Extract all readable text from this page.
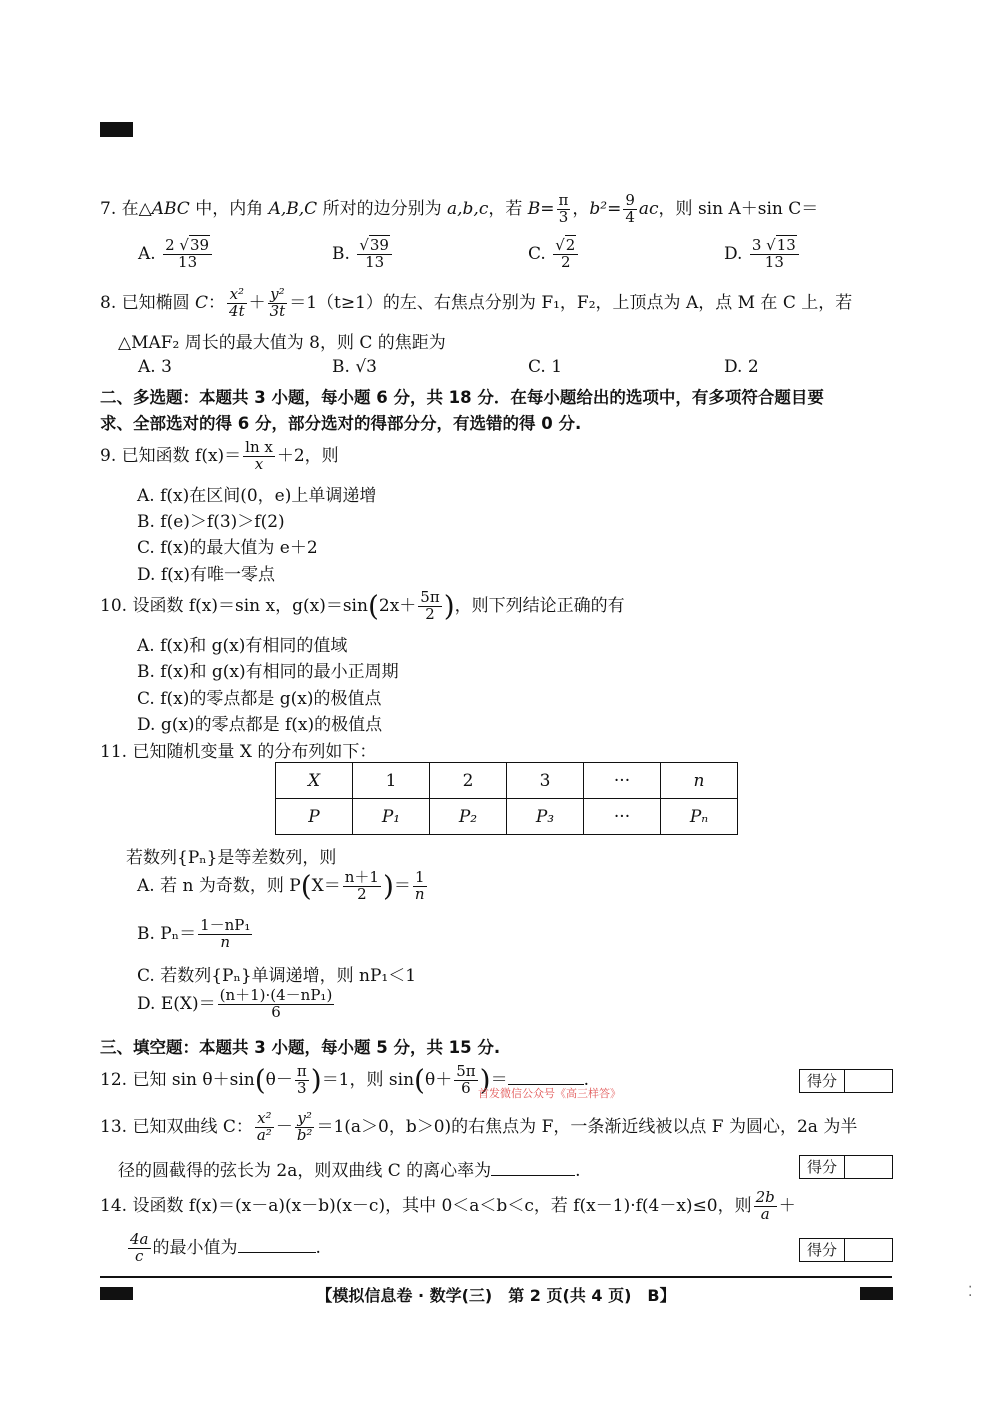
⁚
7. 在△ABC 中，内角 A,B,C 所对的边分别为 a,b,c，若 $B= \frac{\pi}{3}$ ，$b^2= \frac{9}{4}$ ac，则 sin A＋sin C＝
A. $\frac{2 √39}{13}$	B. $\frac{√39}{13}$	C. $\frac{√2}{2}$	D. $\frac{3 √13}{13}$
8. 已知椭圆 C： $\frac{\text{x²}}{4t} + \frac{\text{y²}}{3t} =1(t\ge 1)$的左、右焦点分别为 F₁，F₂，上顶点为 A，点 M 在 C 上，若
△MAF₂ 周长的最大值为 8，则 C 的焦距为
A. 3	B. √3	C. 1	D. 2
二、多选题：本题共 3 小题，每小题 6 分，共 18 分．在每小题给出的选项中，有多项符合题目要
求、全部选对的得 6 分，部分选对的得部分分，有选错的得 0 分.
9. 已知函数 $f(x)= \frac{\text{ln x}}{x} +2$，则
A. f(x)在区间(0，e)上单调递增
B. f(e)＞f(3)＞f(2)
C. f(x)的最大值为 e＋2
D. f(x)有唯一零点
10. 设函数 f(x)＝sin x，$g(x)=\sin(2x+ \frac{5\pi}{2}$ )，则下列结论正确的有
A. f(x)和 g(x)有相同的值域
B. f(x)和 g(x)有相同的最小正周期
C. f(x)的零点都是 g(x)的极值点
D. g(x)的零点都是 f(x)的极值点
11. 已知随机变量 X 的分布列如下：
X	1	2	3	···	n
P	P₁	P₂	P₃	···	Pₙ
若数列{Pₙ}是等差数列，则
A. 若 n 为奇数，则 $P(X= \frac{n+1}{2}$ )＝ $\frac{1}{n}$
B. $P_n= \frac{\text{1－nP₁}}{n}$
C. 若数列{Pₙ}单调递增，则 nP₁＜1
D. $E(X)= \frac{\text{(n＋1)·(4－nP₁)}}{6}$
三、填空题：本题共 3 小题，每小题 5 分，共 15 分.
12. 已知 $\sin \theta+\sin(\theta- \frac{\pi}{3} )=1$，则 $\sin(\theta+ \frac{5\pi}{6}$ )＝	.
首发微信公众号《高三样答》
得分
13. 已知双曲线 C： $\frac{\text{x²}}{\text{a²}} - \frac{\text{y²}}{\text{b²}} =1(a>0$，b＞0)的右焦点为 F，一条渐近线被以点 F 为圆心，2a 为半
径的圆截得的弦长为 2a，则双曲线 C 的离心率为	.	得分
14. 设函数 f(x)＝(x－a)(x－b)(x－c)，其中 0＜a＜b＜c，若 f(x－1)·f(4－x)≤0，则 $\frac{2b}{a}$ ＋
$\frac{4a}{c}$ 的最小值为	.	得分
【模拟信息卷 · 数学(三)　第 2 页(共 4 页)　B】
